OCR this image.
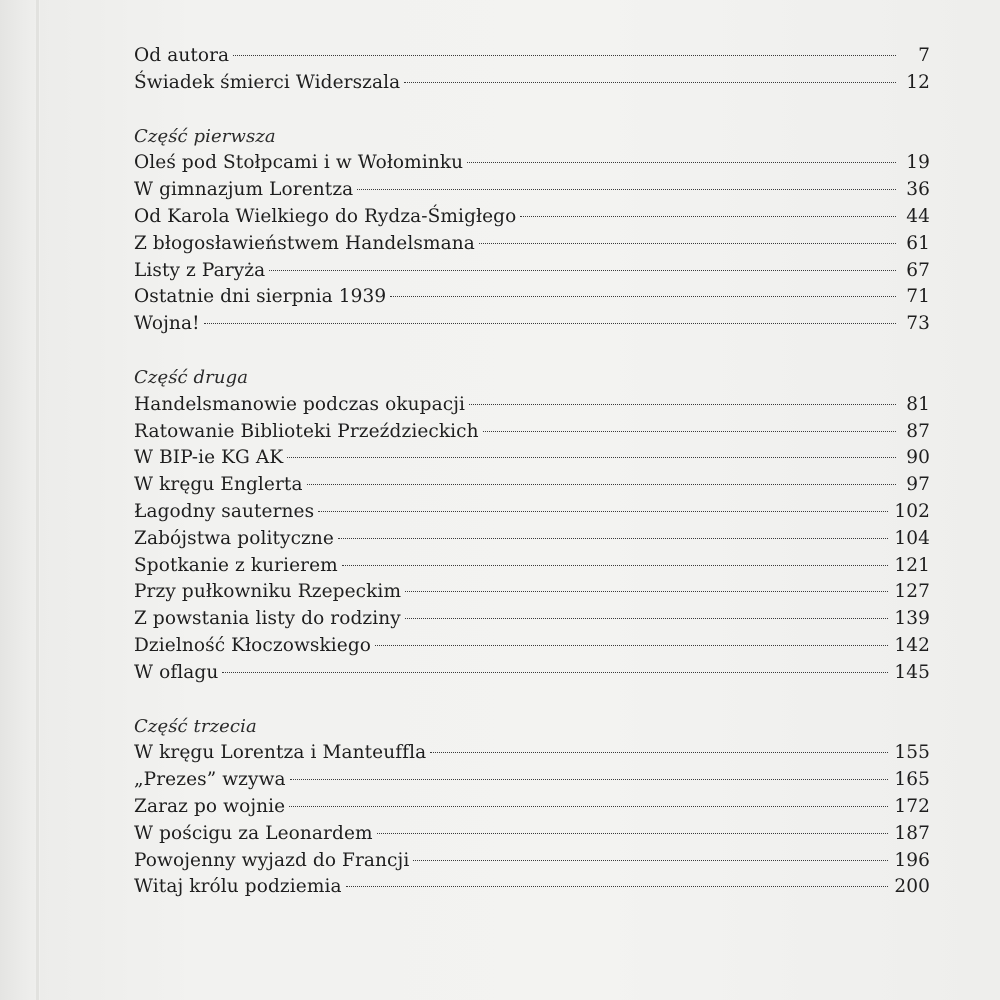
Od autora	7
Świadek śmierci Widerszala	12
Część pierwsza
Oleś pod Stołpcami i w Wołominku	19
W gimnazjum Lorentza	36
Od Karola Wielkiego do Rydza-Śmigłego	44
Z błogosławieństwem Handelsmana	61
Listy z Paryża	67
Ostatnie dni sierpnia 1939	71
Wojna!	73
Część druga
Handelsmanowie podczas okupacji	81
Ratowanie Biblioteki Przeździeckich	87
W BIP-ie KG AK	90
W kręgu Englerta	97
Łagodny sauternes	102
Zabójstwa polityczne	104
Spotkanie z kurierem	121
Przy pułkowniku Rzepeckim	127
Z powstania listy do rodziny	139
Dzielność Kłoczowskiego	142
W oflagu	145
Część trzecia
W kręgu Lorentza i Manteuffla	155
„Prezes” wzywa	165
Zaraz po wojnie	172
W pościgu za Leonardem	187
Powojenny wyjazd do Francji	196
Witaj królu podziemia	200
